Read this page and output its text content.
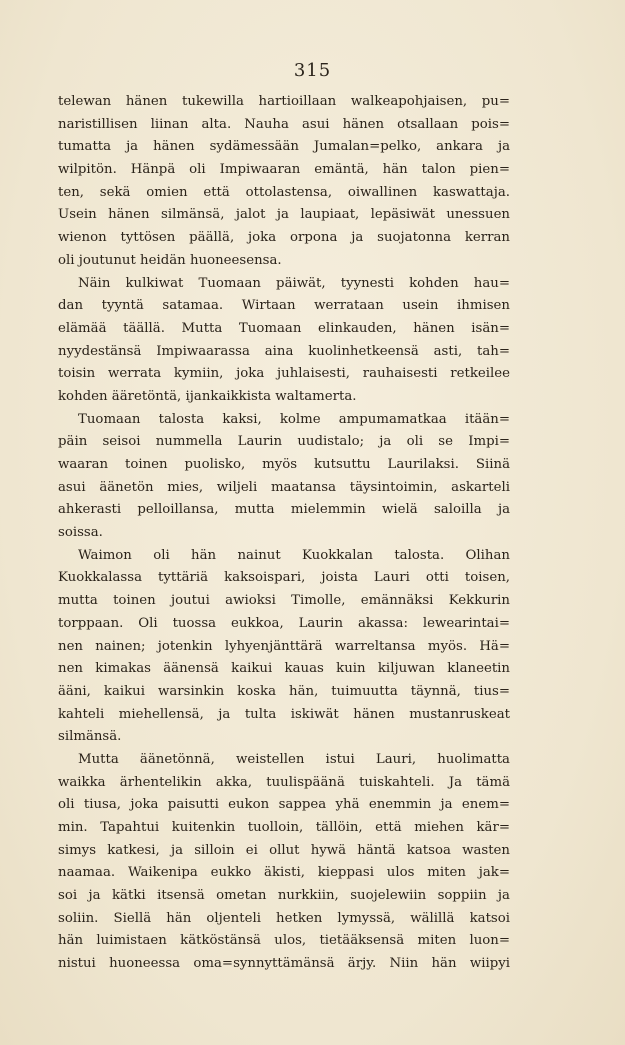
315
telewan hänen tukewilla hartioillaan walkeapohjaisen, pu=
naristillisen liinan alta. Nauha asui hänen otsallaan pois=
tumatta ja hänen sydämessään Jumalan=pelko, ankara ja
wilpitön. Hänpä oli Impiwaaran emäntä, hän talon pien=
ten, sekä omien että ottolastensa, oiwallinen kaswattaja.
Usein hänen silmänsä, jalot ja laupiaat, lepäsiwät unessuen
wienon tyttösen päällä, joka orpona ja suojatonna kerran
oli joutunut heidän huoneesensa.
Näin kulkiwat Tuomaan päiwät, tyynesti kohden hau=
dan tyyntä satamaa. Wirtaan werrataan usein ihmisen
elämää täällä. Mutta Tuomaan elinkauden, hänen isän=
nyydestänsä Impiwaarassa aina kuolinhetkeensä asti, tah=
toisin werrata kymiin, joka juhlaisesti, rauhaisesti retkeilee
kohden ääretöntä, ijankaikkista waltamerta.
Tuomaan talosta kaksi, kolme ampumamatkaa itään=
päin seisoi nummella Laurin uudistalo; ja oli se Impi=
waaran toinen puolisko, myös kutsuttu Laurilaksi. Siinä
asui äänetön mies, wiljeli maatansa täysintoimin, askarteli
ahkerasti pelloillansa, mutta mielemmin wielä saloilla ja
soissa.
Waimon oli hän nainut Kuokkalan talosta. Olihan
Kuokkalassa tyttäriä kaksoispari, joista Lauri otti toisen,
mutta toinen joutui awioksi Timolle, emännäksi Kekkurin
torppaan. Oli tuossa eukkoa, Laurin akassa: lewearintai=
nen nainen; jotenkin lyhyenjänttärä warreltansa myös. Hä=
nen kimakas äänensä kaikui kauas kuin kiljuwan klaneetin
ääni, kaikui warsinkin koska hän, tuimuutta täynnä, tius=
kahteli miehellensä, ja tulta iskiwät hänen mustanruskeat
silmänsä.
Mutta äänetönnä, weistellen istui Lauri, huolimatta
waikka ärhentelikin akka, tuulispäänä tuiskahteli. Ja tämä
oli tiusa, joka paisutti eukon sappea yhä enemmin ja enem=
min. Tapahtui kuitenkin tuolloin, tällöin, että miehen kär=
simys katkesi, ja silloin ei ollut hywä häntä katsoa wasten
naamaa. Waikenipa eukko äkisti, kieppasi ulos miten jak=
soi ja kätki itsensä ometan nurkkiin, suojelewiin soppiin ja
soliin. Siellä hän oljenteli hetken lymyssä, wälillä katsoi
hän luimistaen kätköstänsä ulos, tietääksensä miten luon=
nistui huoneessa oma=synnyttämänsä ärjy. Niin hän wiipyi
